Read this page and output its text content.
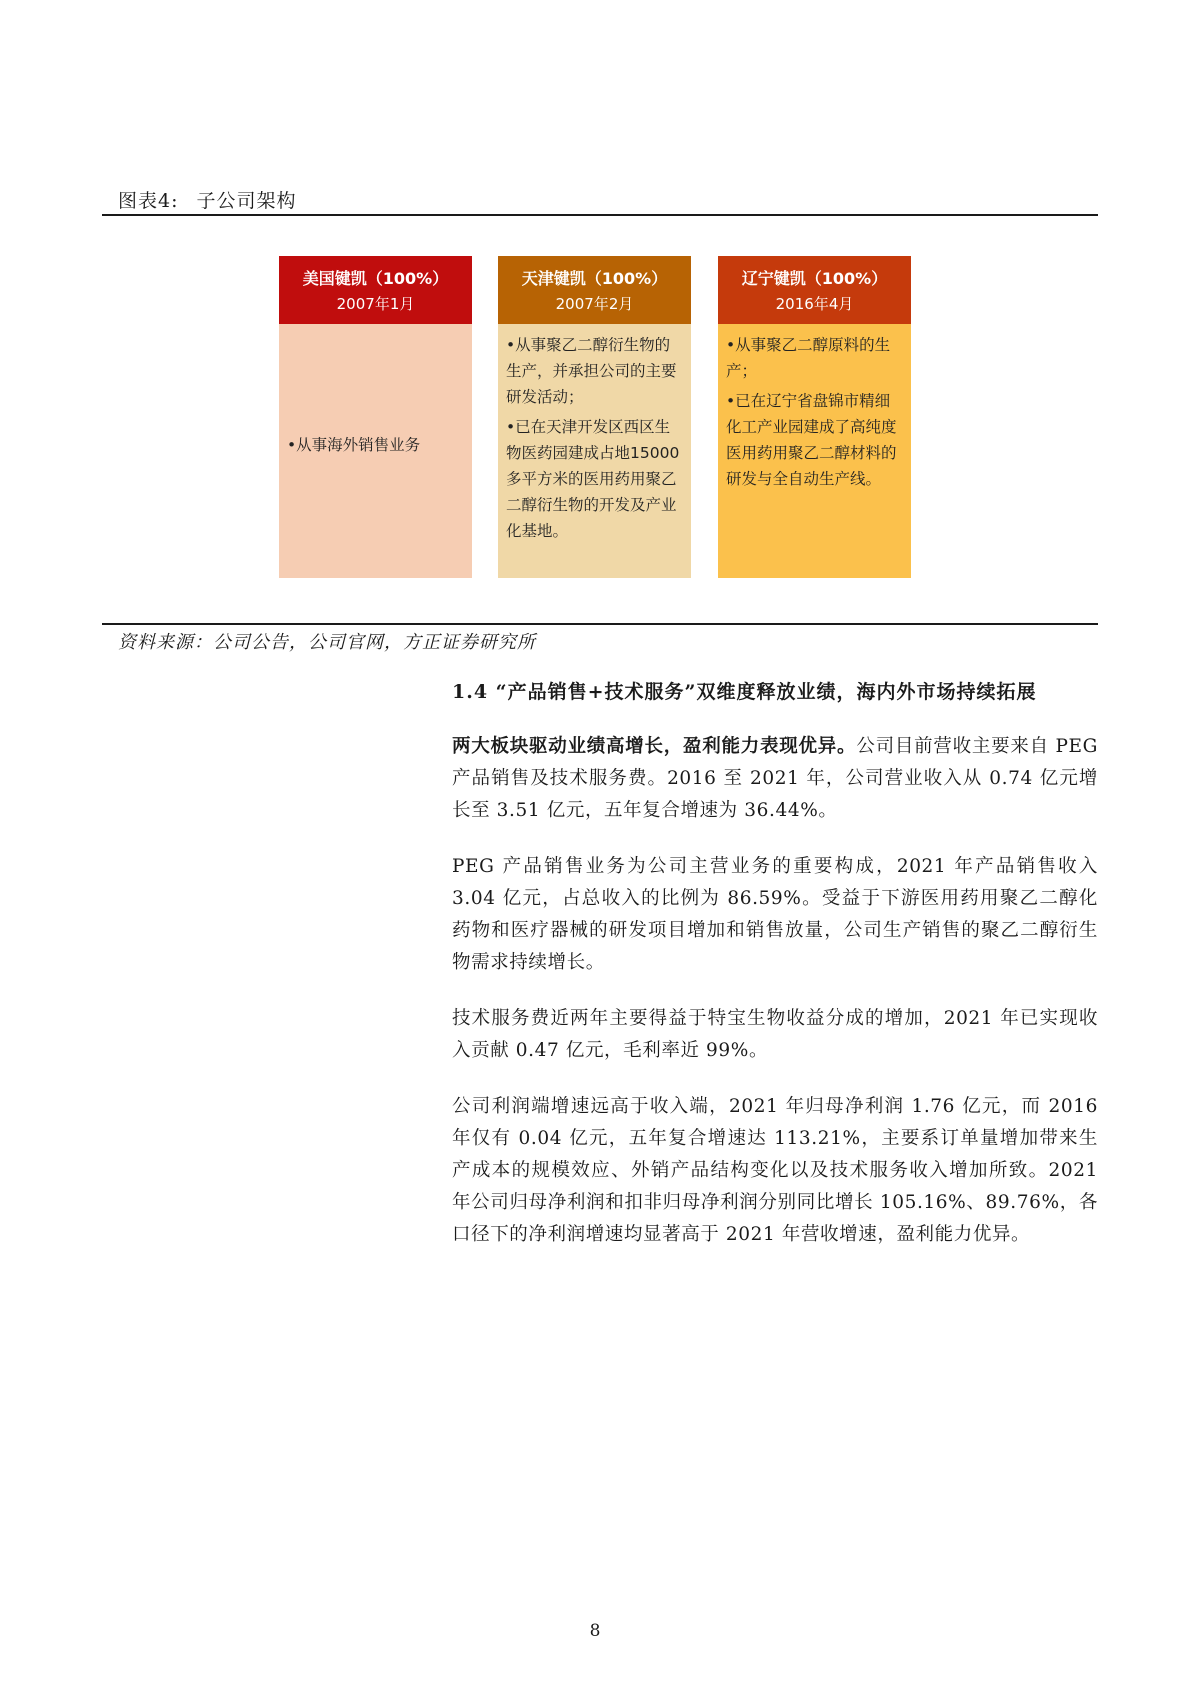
图表4: 子公司架构
美国键凯（100%）
2007年1月

•从事海外销售业务

天津键凯（100%）
2007年2月

•从事聚乙二醇衍生物的生产，并承担公司的主要研发活动；

•已在天津开发区西区生物医药园建成占地15000多平方米的医用药用聚乙二醇衍生物的开发及产业化基地。

辽宁键凯（100%）
2016年4月

•从事聚乙二醇原料的生产；

•已在辽宁省盘锦市精细化工产业园建成了高纯度医用药用聚乙二醇材料的研发与全自动生产线。

资料来源：公司公告，公司官网，方正证券研究所
1.4 “产品销售+技术服务”双维度释放业绩，海内外市场持续拓展

两大板块驱动业绩高增长，盈利能力表现优异。公司目前营收主要来自 PEG 产品销售及技术服务费。2016 至 2021 年，公司营业收入从 0.74 亿元增长至 3.51 亿元，五年复合增速为 36.44%。

PEG 产品销售业务为公司主营业务的重要构成，2021 年产品销售收入 3.04 亿元，占总收入的比例为 86.59%。受益于下游医用药用聚乙二醇化药物和医疗器械的研发项目增加和销售放量，公司生产销售的聚乙二醇衍生物需求持续增长。

技术服务费近两年主要得益于特宝生物收益分成的增加，2021 年已实现收入贡献 0.47 亿元，毛利率近 99%。

公司利润端增速远高于收入端，2021 年归母净利润 1.76 亿元，而 2016 年仅有 0.04 亿元，五年复合增速达 113.21%，主要系订单量增加带来生产成本的规模效应、外销产品结构变化以及技术服务收入增加所致。2021 年公司归母净利润和扣非归母净利润分别同比增长 105.16%、89.76%，各口径下的净利润增速均显著高于 2021 年营收增速，盈利能力优异。

8
